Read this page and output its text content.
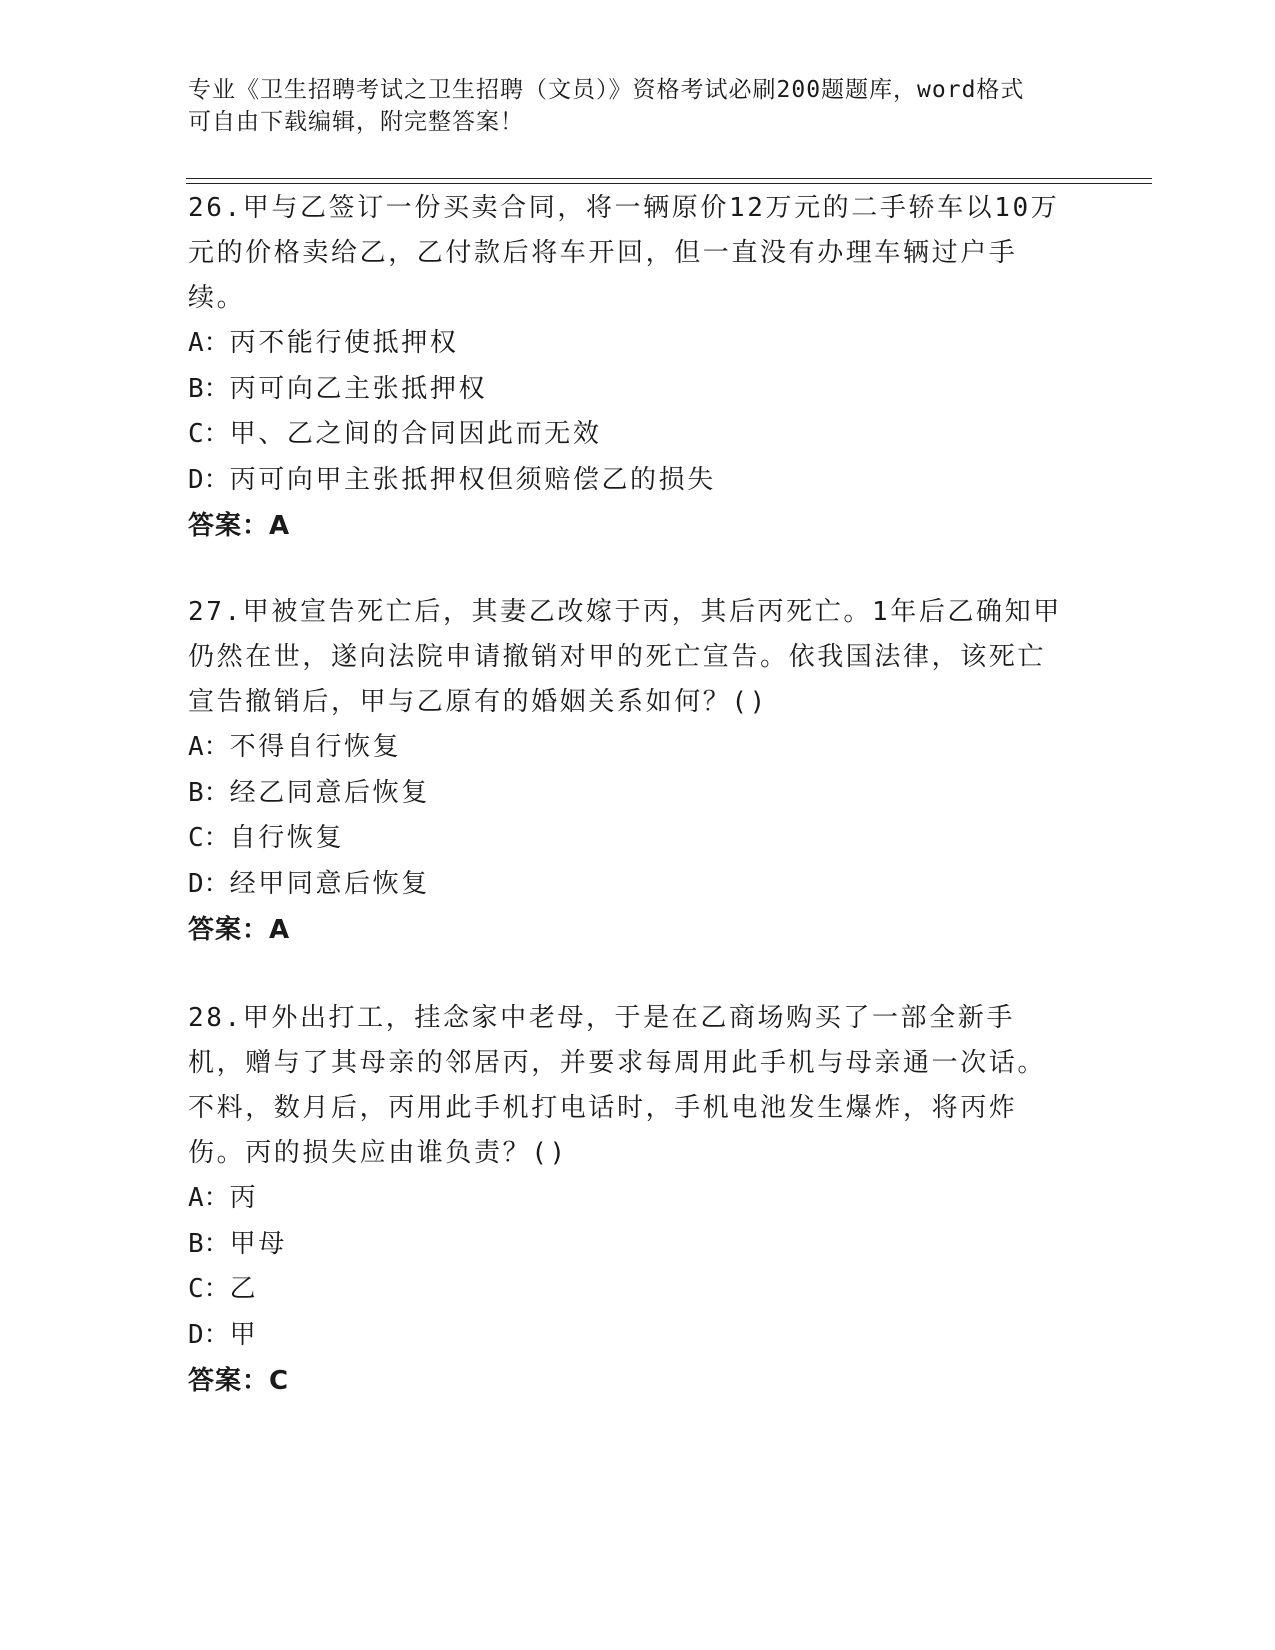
专业《卫生招聘考试之卫生招聘（文员）》资格考试必刷200题题库，word格式
可自由下载编辑，附完整答案！
26.甲与乙签订一份买卖合同，将一辆原价12万元的二手轿车以10万元的价格卖给乙，乙付款后将车开回，但一直没有办理车辆过户手续。
A：丙不能行使抵押权
B：丙可向乙主张抵押权
C：甲、乙之间的合同因此而无效
D：丙可向甲主张抵押权但须赔偿乙的损失
答案：A
27.甲被宣告死亡后，其妻乙改嫁于丙，其后丙死亡。1年后乙确知甲仍然在世，遂向法院申请撤销对甲的死亡宣告。依我国法律，该死亡宣告撤销后，甲与乙原有的婚姻关系如何？()
A：不得自行恢复
B：经乙同意后恢复
C：自行恢复
D：经甲同意后恢复
答案：A
28.甲外出打工，挂念家中老母，于是在乙商场购买了一部全新手机，赠与了其母亲的邻居丙，并要求每周用此手机与母亲通一次话。不料，数月后，丙用此手机打电话时，手机电池发生爆炸，将丙炸伤。丙的损失应由谁负责？()
A：丙
B：甲母
C：乙
D：甲
答案：C
